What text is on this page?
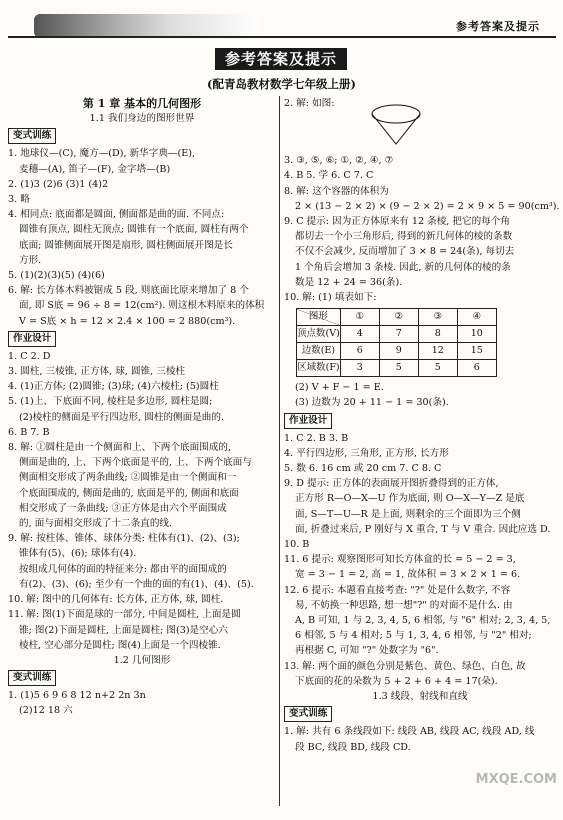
参考答案及提示
参考答案及提示
(配青岛教材数学七年级上册)
第 1 章 基本的几何图形
1.1 我们身边的图形世界
变式训练
1. 地球仪—(C), 魔方—(D), 新华字典—(E),
麦穗—(A), 笛子—(F), 金字塔—(B)
2. (1)3 (2)6 (3)1 (4)2
3. 略
4. 相同点: 底面都是圆面, 侧面都是曲的面. 不同点:
圆锥有顶点, 圆柱无顶点; 圆锥有一个底面, 圆柱有两个
底面; 圆锥侧面展开图是扇形, 圆柱侧面展开图是长
方形.
5. (1)(2)(3)(5) (4)(6)
6. 解: 长方体木料被锯成 5 段, 则底面比原来增加了 8 个
面, 即 S底 = 96 ÷ 8 = 12(cm²). 则这根木料原来的体积
V = S底 × h = 12 × 2.4 × 100 = 2 880(cm³).
作业设计
1. C 2. D
3. 圆柱, 三棱锥, 正方体, 球, 圆锥, 三棱柱
4. (1)正方体; (2)圆锥; (3)球; (4)六棱柱; (5)圆柱
5. (1)上、下底面不同, 棱柱是多边形, 圆柱是圆;
(2)棱柱的侧面是平行四边形, 圆柱的侧面是曲的.
6. B 7. B
8. 解: ①圆柱是由一个侧面和上、下两个底面围成的,
侧面是曲的, 上、下两个底面是平的, 上、下两个底面与
侧面相交形成了两条曲线; ②圆锥是由一个侧面和一
个底面围成的, 侧面是曲的, 底面是平的, 侧面和底面
相交形成了一条曲线; ③正方体是由六个平面围成
的, 面与面相交形成了十二条直的线.
9. 解: 按柱体、锥体、球体分类: 柱体有(1)、(2)、(3);
锥体有(5)、(6); 球体有(4).
按组成几何体的面的特征来分: 都由平的面围成的
有(2)、(3)、(6); 至少有一个曲的面的有(1)、(4)、(5).
10. 解: 图中的几何体有: 长方体, 正方体, 球, 圆柱.
11. 解: 图(1)下面是球的一部分, 中间是圆柱, 上面是圆
锥; 图(2)下面是圆柱, 上面是圆柱; 图(3)是空心六
棱柱, 空心部分是圆柱; 图(4)上面是一个四棱锥.
1.2 几何图形
变式训练
1. (1)5 6 9 6 8 12 n+2 2n 3n
(2)12 18 六
2. 解: 如图:
3. ③, ⑤, ⑥; ①, ②, ④, ⑦
4. B 5. 学 6. C 7. C
8. 解: 这个容器的体积为
2 × (13 − 2 × 2) × (9 − 2 × 2) = 2 × 9 × 5 = 90(cm³).
9. C 提示: 因为正方体原来有 12 条棱, 把它的每个角
都切去一个小三角形后, 得到的新几何体的棱的条数
不仅不会减少, 反而增加了 3 × 8 = 24(条), 每切去
1 个角后会增加 3 条棱. 因此, 新的几何体的棱的条
数是 12 + 24 = 36(条).
10. 解: (1) 填表如下:
图形	①	②	③	④
顶点数(V)	4	7	8	10
边数(E)	6	9	12	15
区域数(F)	3	5	5	6
(2) V + F − 1 = E.
(3) 边数为 20 + 11 − 1 = 30(条).
作业设计
1. C 2. B 3. B
4. 平行四边形, 三角形, 正方形, 长方形
5. 数 6. 16 cm 或 20 cm 7. C 8. C
9. D 提示: 正方体的表面展开图折叠得到的正方体,
正方形 R—O—X—U 作为底面, 则 O—X—Y—Z 是底
面, S—T—U—R 是上面, 则剩余的三个面即为三个侧
面, 折叠过来后, P 刚好与 X 重合, T 与 V 重合. 因此应选 D.
10. B
11. 6 提示: 观察图形可知长方体盒的长 = 5 − 2 = 3,
宽 = 3 − 1 = 2, 高 = 1, 故体积 = 3 × 2 × 1 = 6.
12. 6 提示: 本题看直接考查: "?" 处是什么数字, 不容
易, 不妨换一种思路, 想一想"?" 的对面不是什么. 由
A, B 可知, 1 与 2, 3, 4, 5, 6 相邻, 与 "6" 相对; 2, 3, 4, 5,
6 相邻, 5 与 4 相对; 5 与 1, 3, 4, 6 相邻, 与 "2" 相对;
再根据 C, 可知 "?" 处数字为 "6".
13. 解: 两个面的颜色分别是紫色、黄色、绿色、白色, 故
下底面的花的朵数为 5 + 2 + 6 + 4 = 17(朵).
1.3 线段、射线和直线
变式训练
1. 解: 共有 6 条线段如下: 线段 AB, 线段 AC, 线段 AD, 线
段 BC, 线段 BD, 线段 CD.
MXQE.COM
